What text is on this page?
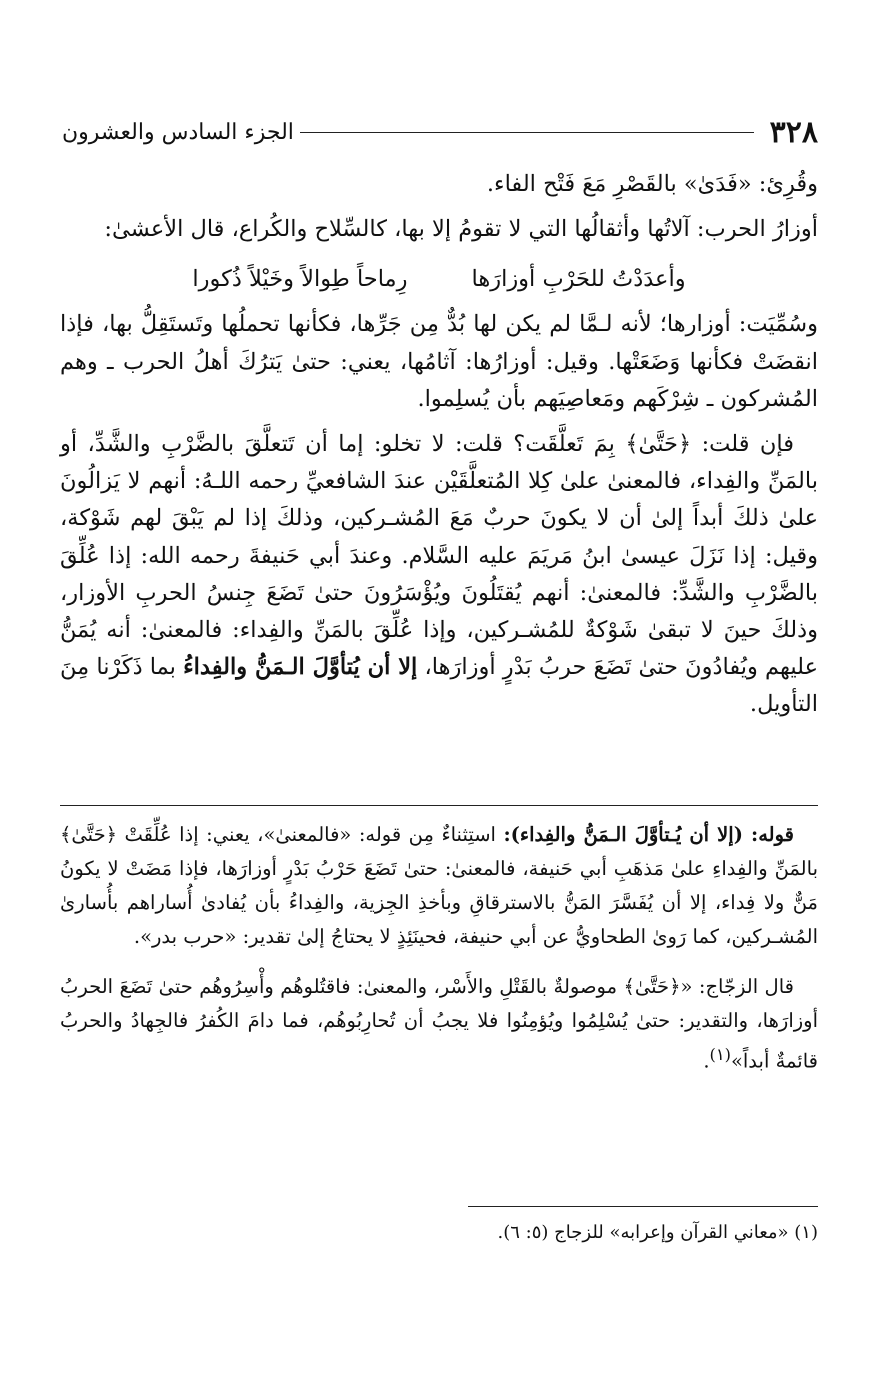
٣٢٨
الجزء السادس والعشرون

وقُرِئ: «فَدَىٰ» بالقَصْرِ مَعَ فَتْح الفاء.

أوزارُ الحرب: آلاتُها وأثقالُها التي لا تقومُ إلا بها، كالسِّلاح والكُراع، قال الأعشىٰ:

وأعدَدْتُ للحَرْبِ أوزارَها
رِماحاً طِوالاً وخَيْلاً ذُكورا

وسُمِّيَت: أوزارها؛ لأنه لـمَّا لم يكن لها بُدٌّ مِن جَرِّها، فكأنها تحملُها وتَستَقِلُّ بها، فإذا انقضَتْ فكأنها وَضَعَتْها. وقيل: أوزارُها: آثامُها، يعني: حتىٰ يَترُكَ أهلُ الحرب ـ وهم المُشركون ـ شِرْكَهم ومَعاصِيَهم بأن يُسلِموا.

فإن قلت: ﴿حَتَّىٰ﴾ بِمَ تَعلَّقَت؟ قلت: لا تخلو: إما أن تَتعلَّقَ بالضَّرْبِ والشَّدِّ، أو بالمَنِّ والفِداء، فالمعنىٰ علىٰ كِلا المُتعلَّقَيْن عندَ الشافعيِّ رحمه اللـهُ: أنهم لا يَزالُونَ علىٰ ذلكَ أبداً إلىٰ أن لا يكونَ حربٌ مَعَ المُشـركين، وذلكَ إذا لم يَبْقَ لهم شَوْكة، وقيل: إذا نَزَلَ عيسىٰ ابنُ مَريَمَ عليه السَّلام. وعندَ أبي حَنيفةَ رحمه الله: إذا عُلِّقَ بالضَّرْبِ والشَّدِّ: فالمعنىٰ: أنهم يُقتَلُونَ ويُؤْسَرُونَ حتىٰ تَضَعَ جِنسُ الحربِ الأوزار، وذلكَ حينَ لا تبقىٰ شَوْكةٌ للمُشـركين، وإذا عُلِّقَ بالمَنِّ والفِداء: فالمعنىٰ: أنه يُمَنُّ عليهم ويُفادُونَ حتىٰ تَضَعَ حربُ بَدْرٍ أوزارَها، إلا أن يُتأوَّلَ الـمَنُّ والفِداءُ بما ذَكَرْنا مِنَ التأويل.

قوله: (إلا أن يُـتأوَّلَ الـمَنُّ والفِداء): استِثناءٌ مِن قوله: «فالمعنىٰ»، يعني: إذا عُلِّقَتْ ﴿حَتَّىٰ﴾ بالمَنِّ والفِداءِ علىٰ مَذهَبِ أبي حَنيفة، فالمعنىٰ: حتىٰ تَضَعَ حَرْبُ بَدْرٍ أوزارَها، فإذا مَضَتْ لا يكونُ مَنٌّ ولا فِداء، إلا أن يُفَسَّرَ المَنُّ بالاسترقاقِ وبأخذِ الجِزية، والفِداءُ بأن يُفادىٰ أُساراهم بأُسارىٰ المُشـركين، كما رَوىٰ الطحاويُّ عن أبي حنيفة، فحينَئِذٍ لا يحتاجُ إلىٰ تقدير: «حرب بدر».

قال الزجّاج: «﴿حَتَّىٰ﴾ موصولةٌ بالقَتْلِ والأَسْر، والمعنىٰ: فاقتُلوهُم وأْسِرُوهُم حتىٰ تَضَعَ الحربُ أوزارَها، والتقدير: حتىٰ يُسْلِمُوا ويُؤمِنُوا فلا يجبُ أن تُحارِبُوهُم، فما دامَ الكُفرُ فالجِهادُ والحربُ قائمةٌ أبداً»$^{(١)}$.

(١) «معاني القرآن وإعرابه» للزجاج (٥: ٦).
